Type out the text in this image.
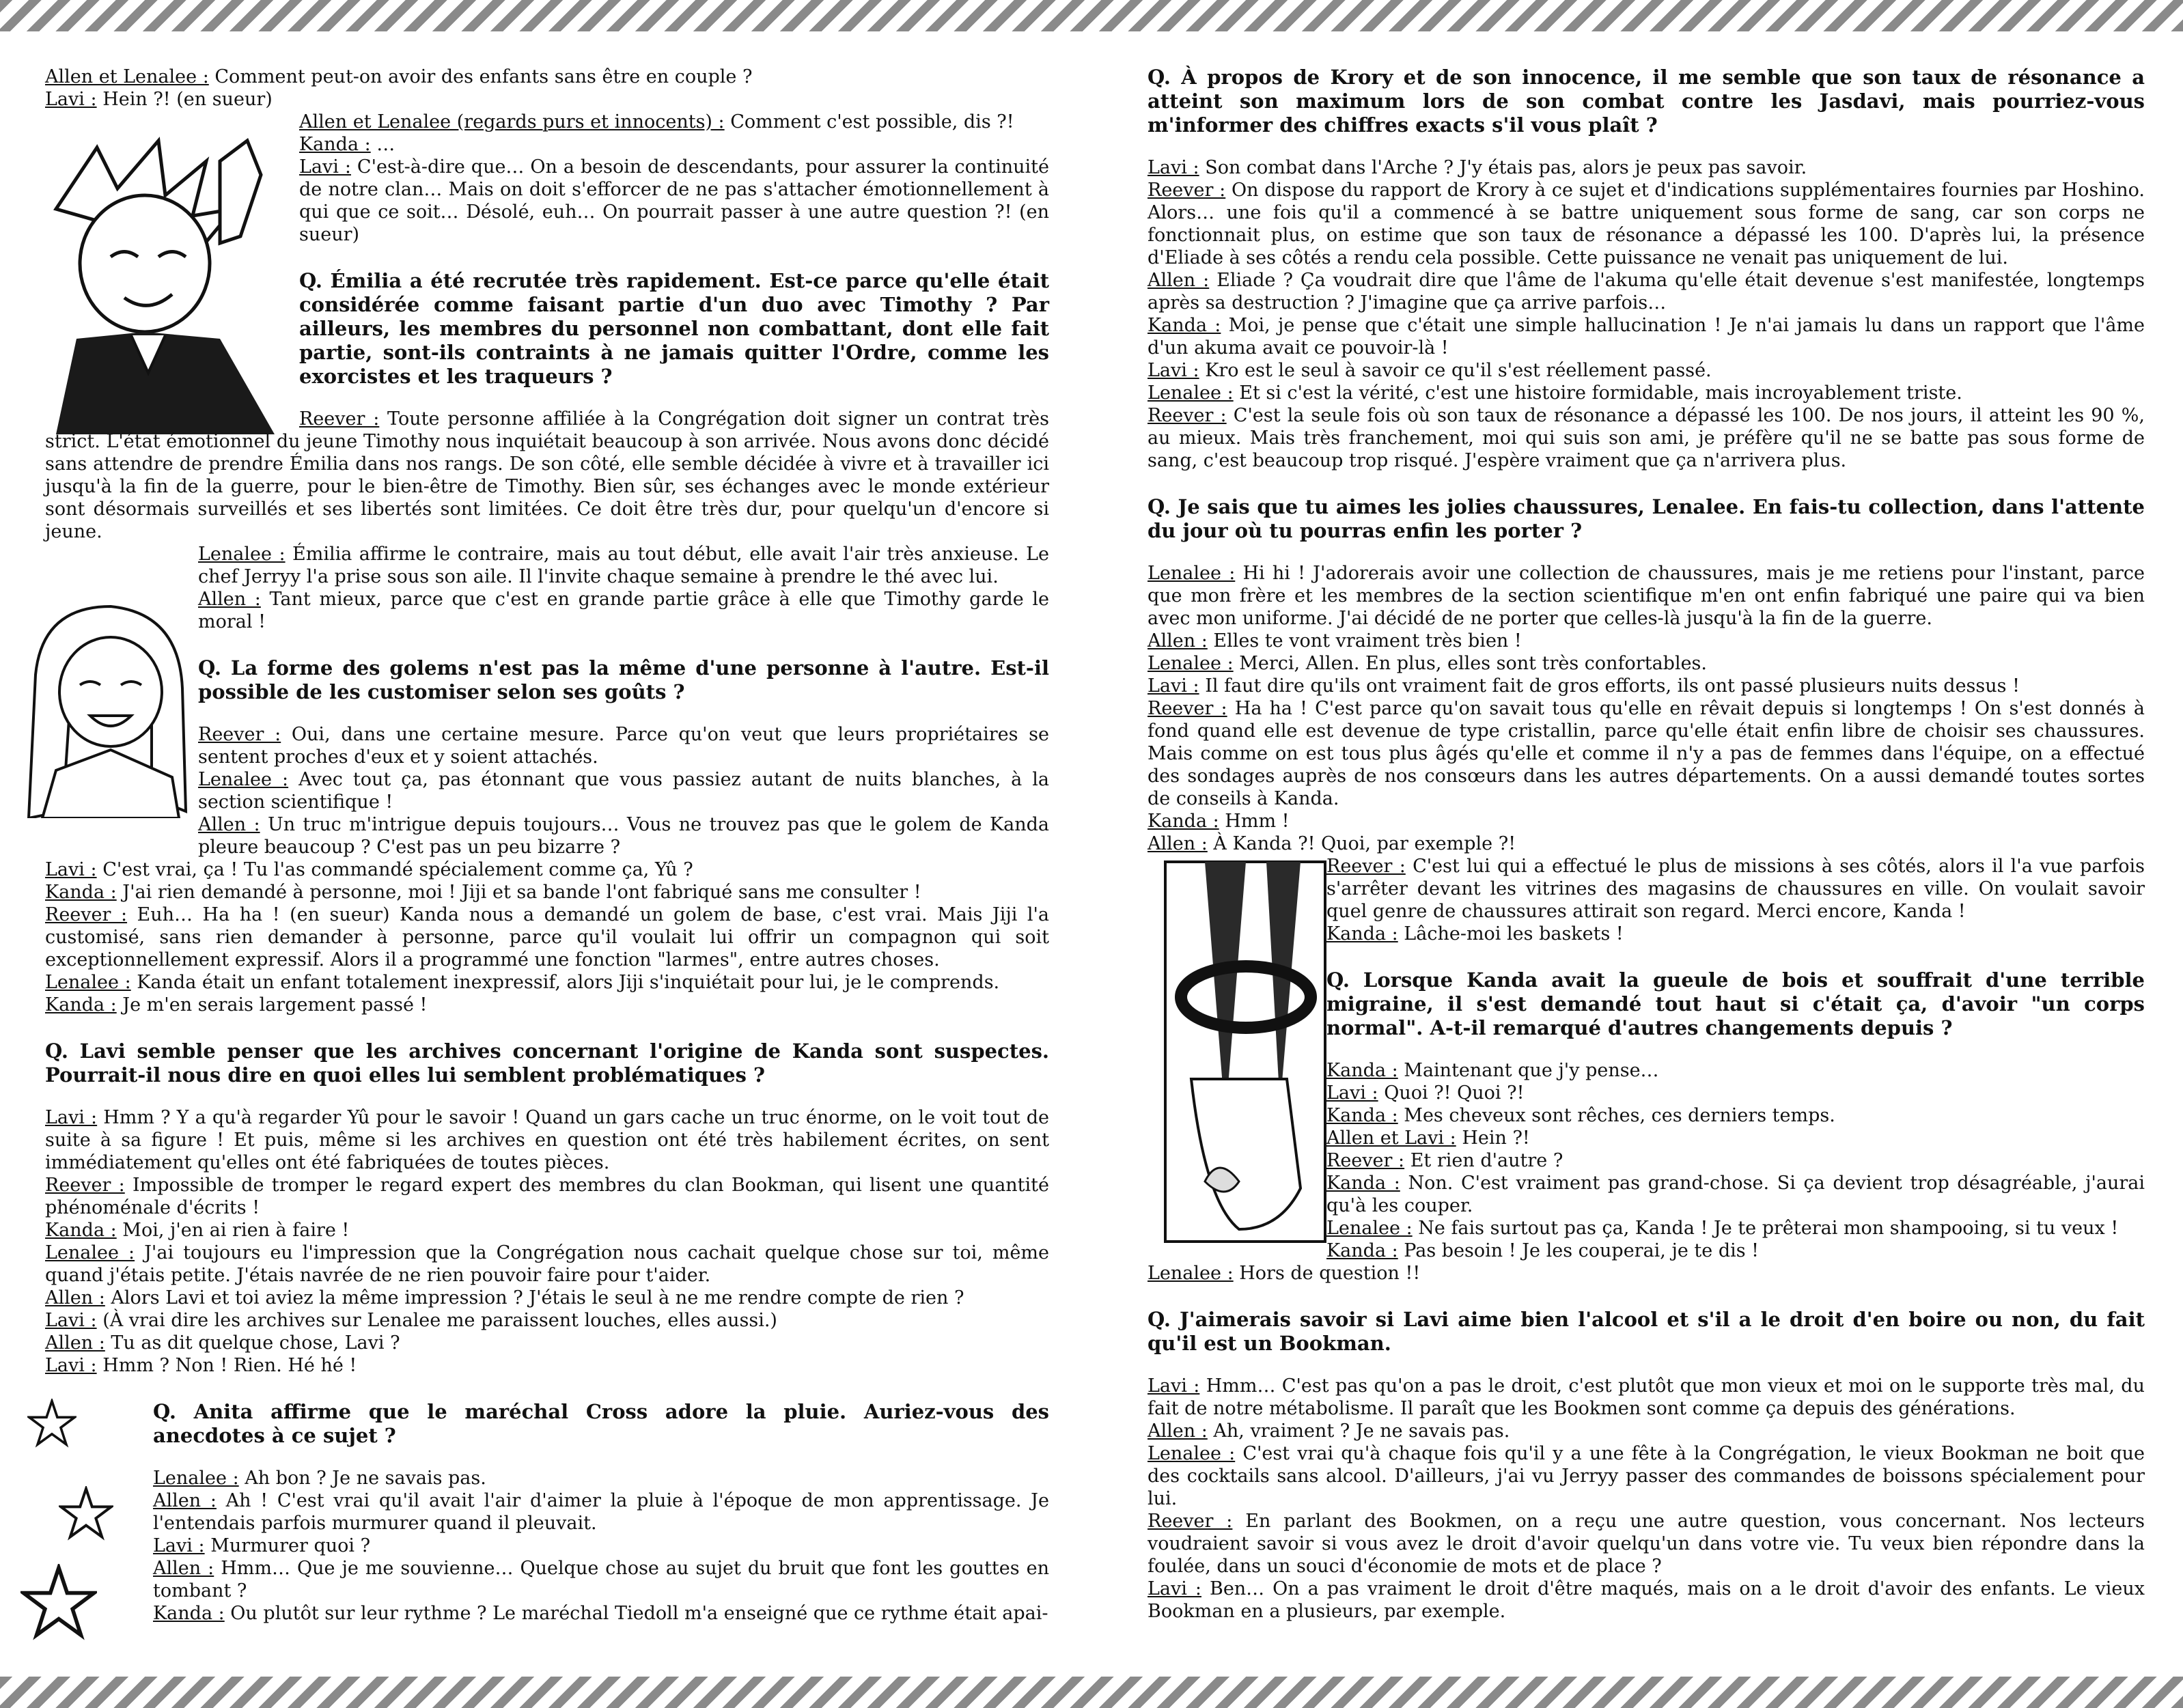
Allen et Lenalee : Comment peut-on avoir des enfants sans être en couple ?

Lavi : Hein ?! (en sueur)

Allen et Lenalee (regards purs et innocents) : Comment c'est possible, dis ?!

Kanda : …

Lavi : C'est-à-dire que… On a besoin de descendants, pour assurer la continuité de notre clan… Mais on doit s'efforcer de ne pas s'attacher émotionnellement à qui que ce soit… Désolé, euh… On pourrait passer à une autre question ?! (en sueur)

Q. Émilia a été recrutée très rapidement. Est-ce parce qu'elle était considérée comme faisant partie d'un duo avec Timothy ? Par ailleurs, les membres du personnel non combattant, dont elle fait partie, sont-ils contraints à ne jamais quitter l'Ordre, comme les exorcistes et les traqueurs ?

Reever : Toute personne affiliée à la Congrégation doit signer un contrat très strict. L'état émotionnel du jeune Timothy nous inquiétait beaucoup à son arrivée. Nous avons donc décidé sans attendre de prendre Émilia dans nos rangs. De son côté, elle semble décidée à vivre et à travailler ici jusqu'à la fin de la guerre, pour le bien-être de Timothy. Bien sûr, ses échanges avec le monde extérieur sont désormais surveillés et ses libertés sont limitées. Ce doit être très dur, pour quelqu'un d'encore si jeune.

Lenalee : Émilia affirme le contraire, mais au tout début, elle avait l'air très anxieuse. Le chef Jerryy l'a prise sous son aile. Il l'invite chaque semaine à prendre le thé avec lui.

Allen : Tant mieux, parce que c'est en grande partie grâce à elle que Timothy garde le moral !

Q. La forme des golems n'est pas la même d'une personne à l'autre. Est-il possible de les customiser selon ses goûts ?

Reever : Oui, dans une certaine mesure. Parce qu'on veut que leurs propriétaires se sentent proches d'eux et y soient attachés.

Lenalee : Avec tout ça, pas étonnant que vous passiez autant de nuits blanches, à la section scientifique !

Allen : Un truc m'intrigue depuis toujours… Vous ne trouvez pas que le golem de Kanda pleure beaucoup ? C'est pas un peu bizarre ?

Lavi : C'est vrai, ça ! Tu l'as commandé spécialement comme ça, Yû ?

Kanda : J'ai rien demandé à personne, moi ! Jiji et sa bande l'ont fabriqué sans me consulter !

Reever : Euh… Ha ha ! (en sueur) Kanda nous a demandé un golem de base, c'est vrai. Mais Jiji l'a customisé, sans rien demander à personne, parce qu'il voulait lui offrir un compagnon qui soit exceptionnellement expressif. Alors il a programmé une fonction "larmes", entre autres choses.

Lenalee : Kanda était un enfant totalement inexpressif, alors Jiji s'inquiétait pour lui, je le comprends.

Kanda : Je m'en serais largement passé !

Q. Lavi semble penser que les archives concernant l'origine de Kanda sont suspectes. Pourrait-il nous dire en quoi elles lui semblent problématiques ?

Lavi : Hmm ? Y a qu'à regarder Yû pour le savoir ! Quand un gars cache un truc énorme, on le voit tout de suite à sa figure ! Et puis, même si les archives en question ont été très habilement écrites, on sent immédiatement qu'elles ont été fabriquées de toutes pièces.

Reever : Impossible de tromper le regard expert des membres du clan Bookman, qui lisent une quantité phénoménale d'écrits !

Kanda : Moi, j'en ai rien à faire !

Lenalee : J'ai toujours eu l'impression que la Congrégation nous cachait quelque chose sur toi, même quand j'étais petite. J'étais navrée de ne rien pouvoir faire pour t'aider.

Allen : Alors Lavi et toi aviez la même impression ? J'étais le seul à ne me rendre compte de rien ?

Lavi : (À vrai dire les archives sur Lenalee me paraissent louches, elles aussi.)

Allen : Tu as dit quelque chose, Lavi ?

Lavi : Hmm ? Non ! Rien. Hé hé !

Q. Anita affirme que le maréchal Cross adore la pluie. Auriez-vous des anecdotes à ce sujet ?

Lenalee : Ah bon ? Je ne savais pas.

Allen : Ah ! C'est vrai qu'il avait l'air d'aimer la pluie à l'époque de mon apprentissage. Je l'entendais parfois murmurer quand il pleuvait.

Lavi : Murmurer quoi ?

Allen : Hmm… Que je me souvienne… Quelque chose au sujet du bruit que font les gouttes en tombant ?

Kanda : Ou plutôt sur leur rythme ? Le maréchal Tiedoll m'a enseigné que ce rythme était apai-

Q. À propos de Krory et de son innocence, il me semble que son taux de résonance a atteint son maximum lors de son combat contre les Jasdavi, mais pourriez-vous m'informer des chiffres exacts s'il vous plaît ?

Lavi : Son combat dans l'Arche ? J'y étais pas, alors je peux pas savoir.

Reever : On dispose du rapport de Krory à ce sujet et d'indications supplémentaires fournies par Hoshino. Alors… une fois qu'il a commencé à se battre uniquement sous forme de sang, car son corps ne fonctionnait plus, on estime que son taux de résonance a dépassé les 100. D'après lui, la présence d'Eliade à ses côtés a rendu cela possible. Cette puissance ne venait pas uniquement de lui.

Allen : Eliade ? Ça voudrait dire que l'âme de l'akuma qu'elle était devenue s'est manifestée, longtemps après sa destruction ? J'imagine que ça arrive parfois…

Kanda : Moi, je pense que c'était une simple hallucination ! Je n'ai jamais lu dans un rapport que l'âme d'un akuma avait ce pouvoir-là !

Lavi : Kro est le seul à savoir ce qu'il s'est réellement passé.

Lenalee : Et si c'est la vérité, c'est une histoire formidable, mais incroyablement triste.

Reever : C'est la seule fois où son taux de résonance a dépassé les 100. De nos jours, il atteint les 90 %, au mieux. Mais très franchement, moi qui suis son ami, je préfère qu'il ne se batte pas sous forme de sang, c'est beaucoup trop risqué. J'espère vraiment que ça n'arrivera plus.

Q. Je sais que tu aimes les jolies chaussures, Lenalee. En fais-tu collection, dans l'attente du jour où tu pourras enfin les porter ?

Lenalee : Hi hi ! J'adorerais avoir une collection de chaussures, mais je me retiens pour l'instant, parce que mon frère et les membres de la section scientifique m'en ont enfin fabriqué une paire qui va bien avec mon uniforme. J'ai décidé de ne porter que celles-là jusqu'à la fin de la guerre.

Allen : Elles te vont vraiment très bien !

Lenalee : Merci, Allen. En plus, elles sont très confortables.

Lavi : Il faut dire qu'ils ont vraiment fait de gros efforts, ils ont passé plusieurs nuits dessus !

Reever : Ha ha ! C'est parce qu'on savait tous qu'elle en rêvait depuis si longtemps ! On s'est donnés à fond quand elle est devenue de type cristallin, parce qu'elle était enfin libre de choisir ses chaussures. Mais comme on est tous plus âgés qu'elle et comme il n'y a pas de femmes dans l'équipe, on a effectué des sondages auprès de nos consœurs dans les autres départements. On a aussi demandé toutes sortes de conseils à Kanda.

Kanda : Hmm !

Allen : À Kanda ?! Quoi, par exemple ?!

Reever : C'est lui qui a effectué le plus de missions à ses côtés, alors il l'a vue parfois s'arrêter devant les vitrines des magasins de chaussures en ville. On voulait savoir quel genre de chaussures attirait son regard. Merci encore, Kanda !

Kanda : Lâche-moi les baskets !

Q. Lorsque Kanda avait la gueule de bois et souffrait d'une terrible migraine, il s'est demandé tout haut si c'était ça, d'avoir "un corps normal". A-t-il remarqué d'autres changements depuis ?

Kanda : Maintenant que j'y pense…

Lavi : Quoi ?! Quoi ?!

Kanda : Mes cheveux sont rêches, ces derniers temps.

Allen et Lavi : Hein ?!

Reever : Et rien d'autre ?

Kanda : Non. C'est vraiment pas grand-chose. Si ça devient trop désagréable, j'aurai qu'à les couper.

Lenalee : Ne fais surtout pas ça, Kanda ! Je te prêterai mon shampooing, si tu veux !

Kanda : Pas besoin ! Je les couperai, je te dis !

Lenalee : Hors de question !!

Q. J'aimerais savoir si Lavi aime bien l'alcool et s'il a le droit d'en boire ou non, du fait qu'il est un Bookman.

Lavi : Hmm… C'est pas qu'on a pas le droit, c'est plutôt que mon vieux et moi on le supporte très mal, du fait de notre métabolisme. Il paraît que les Bookmen sont comme ça depuis des générations.

Allen : Ah, vraiment ? Je ne savais pas.

Lenalee : C'est vrai qu'à chaque fois qu'il y a une fête à la Congrégation, le vieux Bookman ne boit que des cocktails sans alcool. D'ailleurs, j'ai vu Jerryy passer des commandes de boissons spécialement pour lui.

Reever : En parlant des Bookmen, on a reçu une autre question, vous concernant. Nos lecteurs voudraient savoir si vous avez le droit d'avoir quelqu'un dans votre vie. Tu veux bien répondre dans la foulée, dans un souci d'économie de mots et de place ?

Lavi : Ben… On a pas vraiment le droit d'être maqués, mais on a le droit d'avoir des enfants. Le vieux Bookman en a plusieurs, par exemple.
